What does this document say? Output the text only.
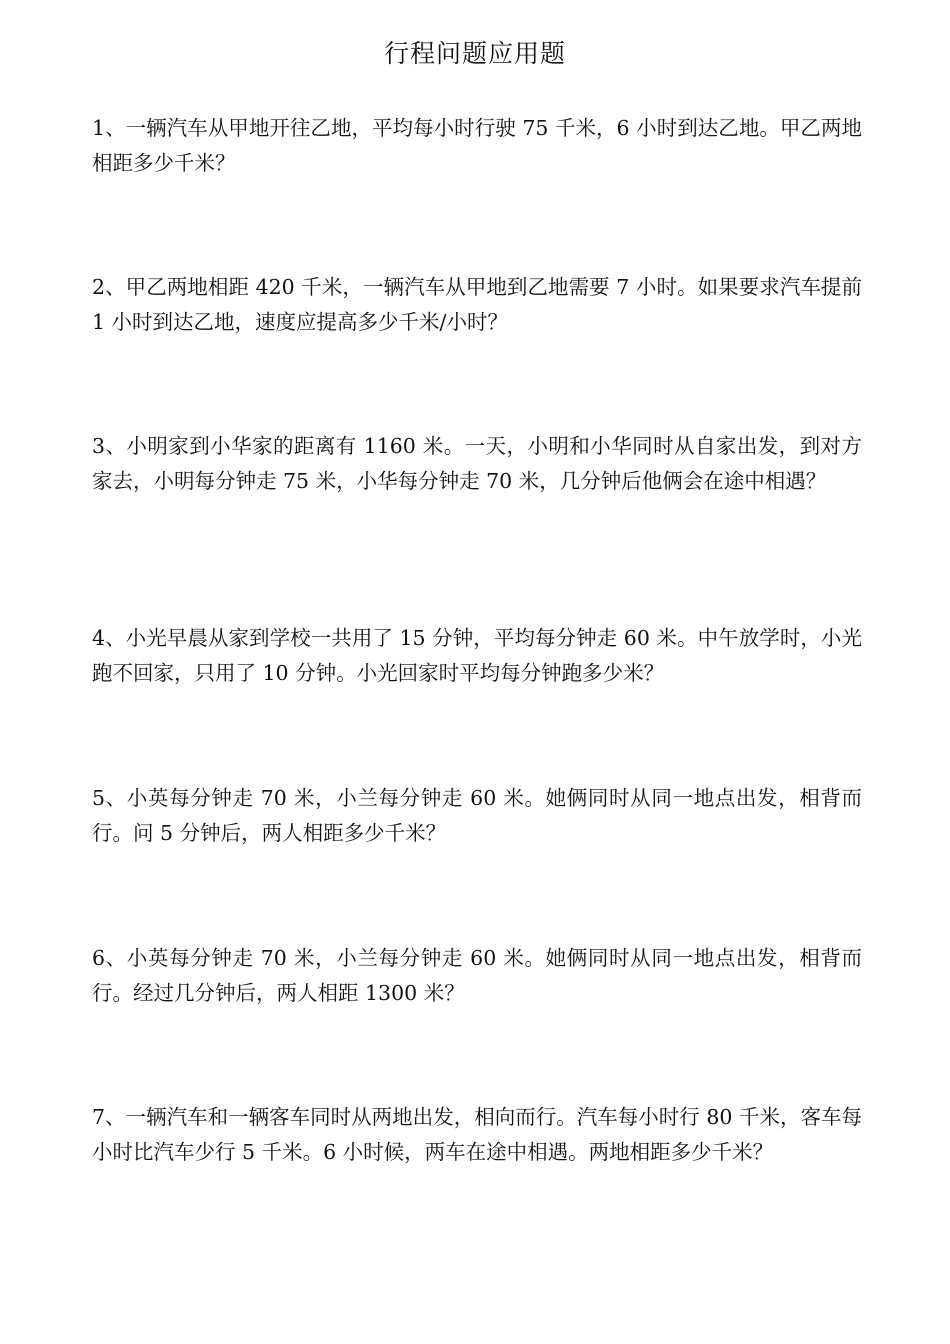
行程问题应用题
1、一辆汽车从甲地开往乙地，平均每小时行驶 75 千米，6 小时到达乙地。甲乙两地相距多少千米？
2、甲乙两地相距 420 千米，一辆汽车从甲地到乙地需要 7 小时。如果要求汽车提前 1 小时到达乙地，速度应提高多少千米/小时？
3、小明家到小华家的距离有 1160 米。一天，小明和小华同时从自家出发，到对方家去，小明每分钟走 75 米，小华每分钟走 70 米，几分钟后他俩会在途中相遇？
4、小光早晨从家到学校一共用了 15 分钟，平均每分钟走 60 米。中午放学时，小光跑不回家，只用了 10 分钟。小光回家时平均每分钟跑多少米？
5、小英每分钟走 70 米，小兰每分钟走 60 米。她俩同时从同一地点出发，相背而行。问 5 分钟后，两人相距多少千米？
6、小英每分钟走 70 米，小兰每分钟走 60 米。她俩同时从同一地点出发，相背而行。经过几分钟后，两人相距 1300 米？
7、一辆汽车和一辆客车同时从两地出发，相向而行。汽车每小时行 80 千米，客车每小时比汽车少行 5 千米。6 小时候，两车在途中相遇。两地相距多少千米？
